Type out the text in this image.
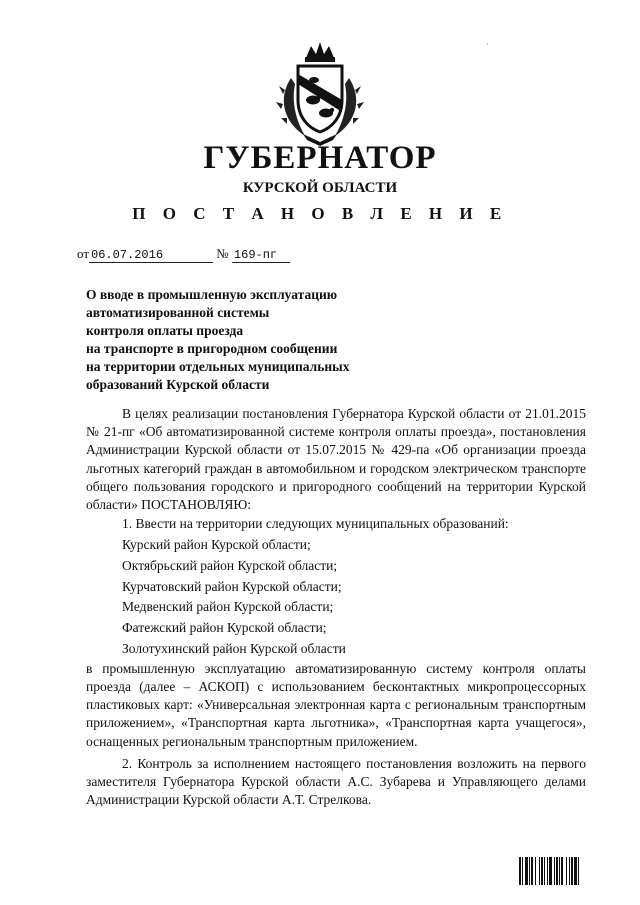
·
ГУБЕРНАТОР
КУРСКОЙ ОБЛАСТИ
П О С Т А Н О В Л Е Н И Е
от 06.07.2016	№ 169-пг
О вводе в промышленную эксплуатацию
автоматизированной системы
контроля оплаты проезда
на транспорте в пригородном сообщении
на территории отдельных муниципальных
образований Курской области

В целях реализации постановления Губернатора Курской области от 21.01.2015 № 21-пг «Об автоматизированной системе контроля оплаты проезда», постановления Администрации Курской области от 15.07.2015 № 429-па «Об организации проезда льготных категорий граждан в автомобильном и городском электрическом транспорте общего пользования городского и пригородного сообщений на территории Курской области» ПОСТАНОВЛЯЮ:

1. Ввести на территории следующих муниципальных образований:

Курский район Курской области;

Октябрьский район Курской области;

Курчатовский район Курской области;

Медвенский район Курской области;

Фатежский район Курской области;

Золотухинский район Курской области

в промышленную эксплуатацию автоматизированную систему контроля оплаты проезда (далее – АСКОП) с использованием бесконтактных микропроцессорных пластиковых карт: «Универсальная электронная карта с региональным транспортным приложением», «Транспортная карта льготника», «Транспортная карта учащегося», оснащенных региональным транспортным приложением.

2. Контроль за исполнением настоящего постановления возложить на первого заместителя Губернатора Курской области А.С. Зубарева и Управляющего делами Администрации Курской области А.Т. Стрелкова.
